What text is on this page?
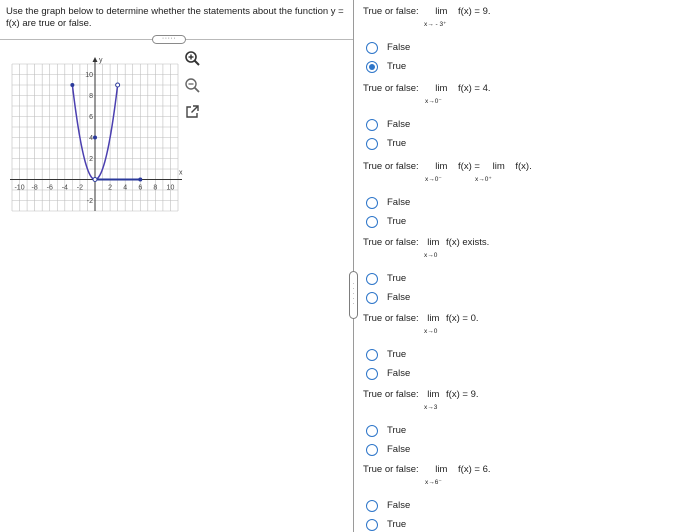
Use the graph below to determine whether the statements about the function y = f(x) are true or false.
·····
-10 -8 -6 -4 -2	2 4 6 8 10
10
8
6
4
2
-2
x
y

·
·
·
·
·
True or false: lim f(x) = 9.
x→ - 3⁺
False
True
True or false: lim f(x) = 4.
x→0⁻
False
True
True or false: lim f(x) = lim f(x).
x→0⁻	x→0⁺
False
True
True or false: lim f(x) exists.
x→0
True
False
True or false: lim f(x) = 0.
x→0
True
False
True or false: lim f(x) = 9.
x→3
True
False
True or false: lim f(x) = 6.
x→6⁻
False
True
